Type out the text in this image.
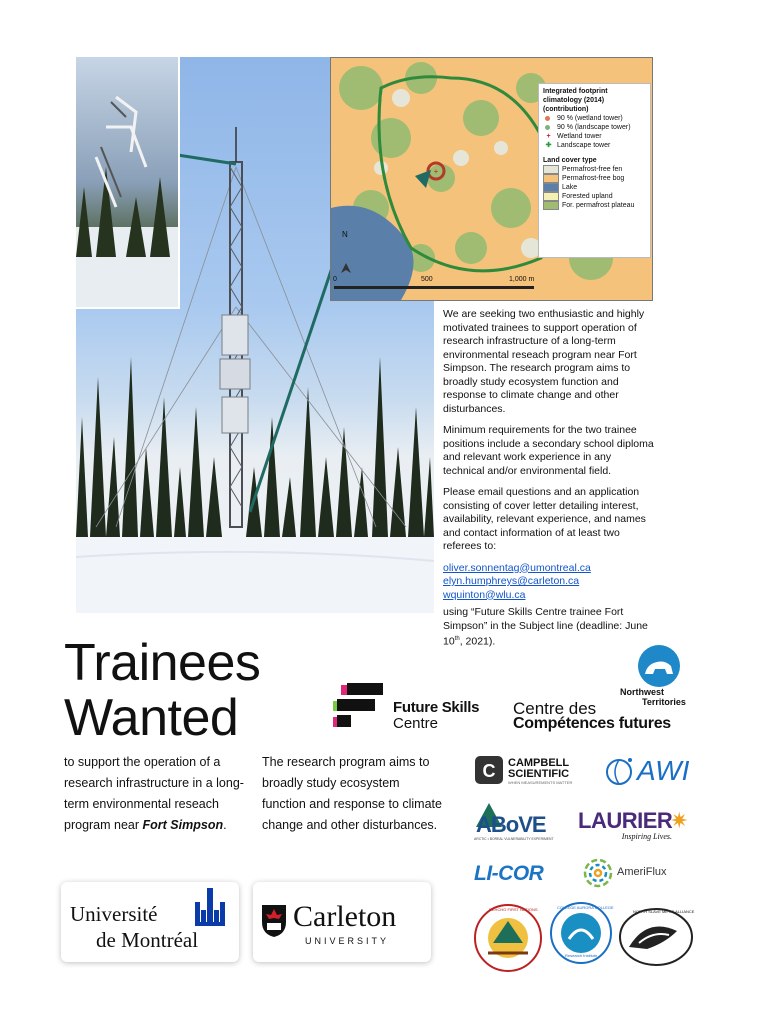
+
N
Integrated footprint climatology (2014) (contribution)
90 % (wetland tower)
90 % (landscape tower)
+ Wetland tower
✚ Landscape tower
Land cover type
Permafrost-free fen
Permafrost-free bog
Lake
Forested upland
For. permafrost plateau
0	500	1,000 m

We are seeking two enthusiastic and highly motivated trainees to support operation of research infrastructure of a long-term environmental reseach program near Fort Simpson. The research program aims to broadly study ecosystem function and response to climate change and other disturbances.

Minimum requirements for the two trainee positions include a secondary school diploma and relevant work experience in any technical and/or environmental field.

Please email questions and an application consisting of cover letter detailing interest, availability, relevant experience, and names and contact information of at least two referees to:

oliver.sonnentag@umontreal.ca
elyn.humphreys@carleton.ca
wquinton@wlu.ca

using “Future Skills Centre trainee Fort Simpson” in the Subject line (deadline: June 10th, 2021).

Trainees
Wanted
to support the operation of a research infrastructure in a long-term environmental reseach program near Fort Simpson.
The research program aims to broadly study ecosystem function and response to climate change and other disturbances.
Université
de Montréal
Carleton
UNIVERSITY
Future Skills
Centre
Centre des
Compétences futures
Northwest
Territories
C CAMPBELL
SCIENTIFIC
WHEN MEASUREMENTS MATTER AWI
ABoVE
ARCTIC • BOREAL VULNERABILITY EXPERIMENT
LAURIER
Inspiring Lives.
✷
LI-COR	AmeriFlux
DEHCHO FIRST NATIONS	COLLEGE AURORA COLLEGE
Research Institute
NORTH SLAVE METIS ALLIANCE
